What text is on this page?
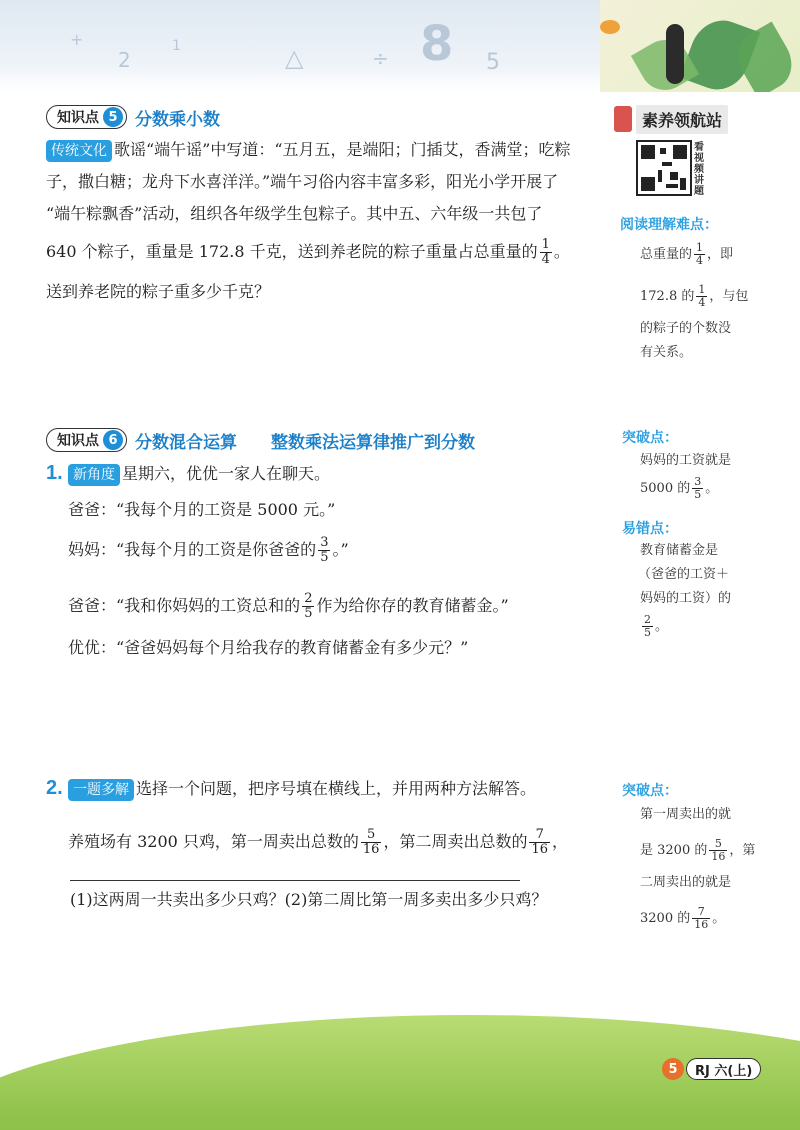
+
2
1	△	÷ 8 5
知识点 5	分数乘小数
传统文化 歌谣“端午谣”中写道：“五月五，是端阳；门插艾，香满堂；吃粽
子，撒白糖；龙舟下水喜洋洋。”端午习俗内容丰富多彩，阳光小学开展了
“端午粽飘香”活动，组织各年级学生包粽子。其中五、六年级一共包了
640 个粽子，重量是 172.8 千克，送到养老院的粽子重量占总重量的 $\frac{1}{4}$ 。
送到养老院的粽子重多少千克？
知识点 6	分数混合运算 整数乘法运算律推广到分数
1. 新角度 星期六，优优一家人在聊天。
爸爸：“我每个月的工资是 5000 元。”
妈妈：“我每个月的工资是你爸爸的 $\frac{3}{5}$ 。”
爸爸：“我和你妈妈的工资总和的 $\frac{2}{5}$ 作为给你存的教育储蓄金。”
优优：“爸爸妈妈每个月给我存的教育储蓄金有多少元？”
2. 一题多解 选择一个问题，把序号填在横线上，并用两种方法解答。
养殖场有 3200 只鸡，第一周卖出总数的 $\frac{5}{16}$ ，第二周卖出总数的 $\frac{7}{16}$ ，
(1)这两周一共卖出多少只鸡？(2)第二周比第一周多卖出多少只鸡？
素养领航站
看视频讲题
阅读理解难点：
总重量的 $\frac{1}{4}$ ，即
172.8 的 $\frac{1}{4}$ ，与包
的粽子的个数没
有关系。
突破点：
妈妈的工资就是
5000 的 $\frac{3}{5}$ 。
易错点：
教育储蓄金是
（爸爸的工资＋
妈妈的工资）的
$\frac{2}{5}$ 。
突破点：
第一周卖出的就
是 3200 的 $\frac{5}{16}$ ，第
二周卖出的就是
3200 的 $\frac{7}{16}$ 。
5	RJ 六(上)
